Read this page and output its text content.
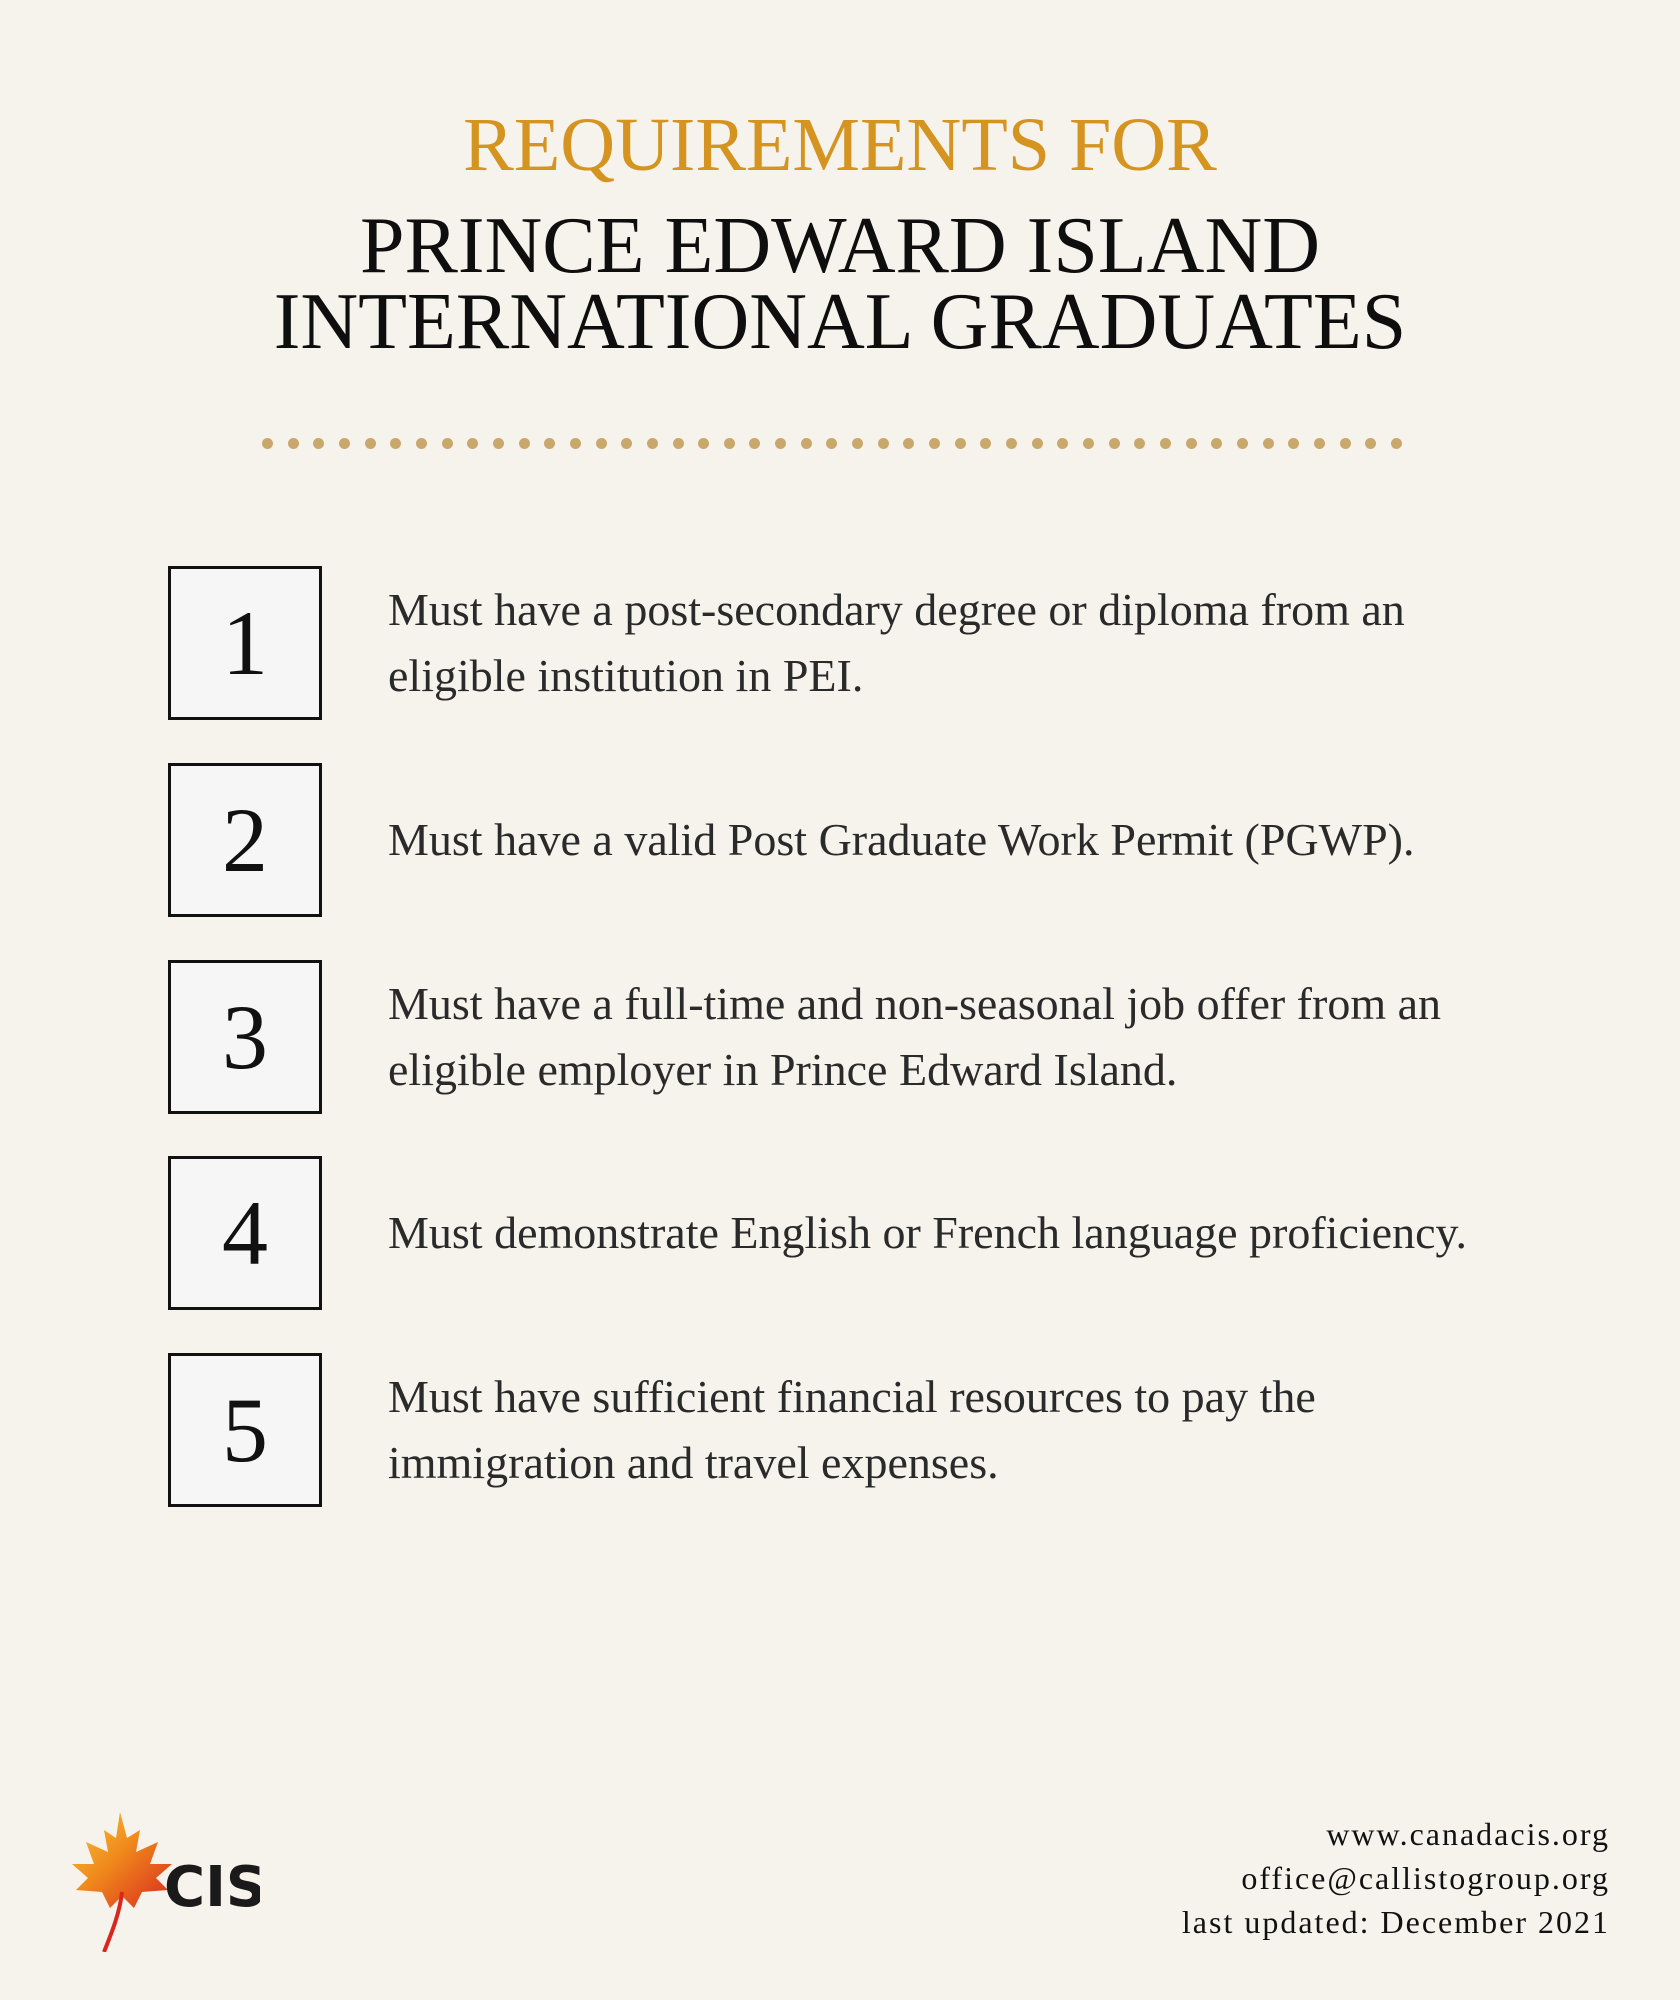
REQUIREMENTS FOR
PRINCE EDWARD ISLAND
INTERNATIONAL GRADUATES
1	Must have a post-secondary degree or diploma from an eligible institution in PEI.
2	Must have a valid Post Graduate Work Permit (PGWP).
3	Must have a full-time and non-seasonal job offer from an eligible employer in Prince Edward Island.
4	Must demonstrate English or French language proficiency.
5	Must have sufficient financial resources to pay the immigration and travel expenses.
CIS
www.canadacis.org
office@callistogroup.org
last updated: December 2021
